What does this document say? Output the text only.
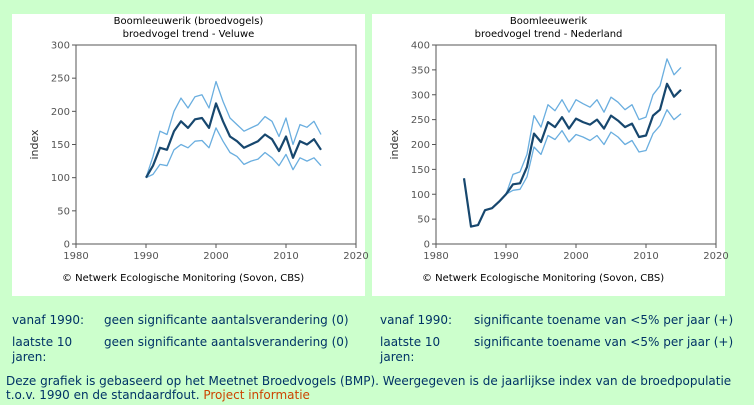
Boomleeuwerik (broedvogels)
broedvogel trend - Veluwe
0
50
100
150
200
250
300
1980	1990	2000	2010	2020
index
© Netwerk Ecologische Monitoring (Sovon, CBS)
Boomleeuwerik
broedvogel trend - Nederland
0
50
100
150
200
250
300
350
400
1980	1990	2000	2010	2020
index
© Netwerk Ecologische Monitoring (Sovon, CBS)
vanaf 1990: geen significante aantalsverandering (0)
laatste 10 jaren:
geen significante aantalsverandering (0)
vanaf 1990: significante toename van <5% per jaar (+)
laatste 10 jaren:
significante toename van <5% per jaar (+)
Deze grafiek is gebaseerd op het Meetnet Broedvogels (BMP). Weergegeven is de jaarlijkse index van de broedpopulatie t.o.v. 1990 en de standaardfout. Project informatie
